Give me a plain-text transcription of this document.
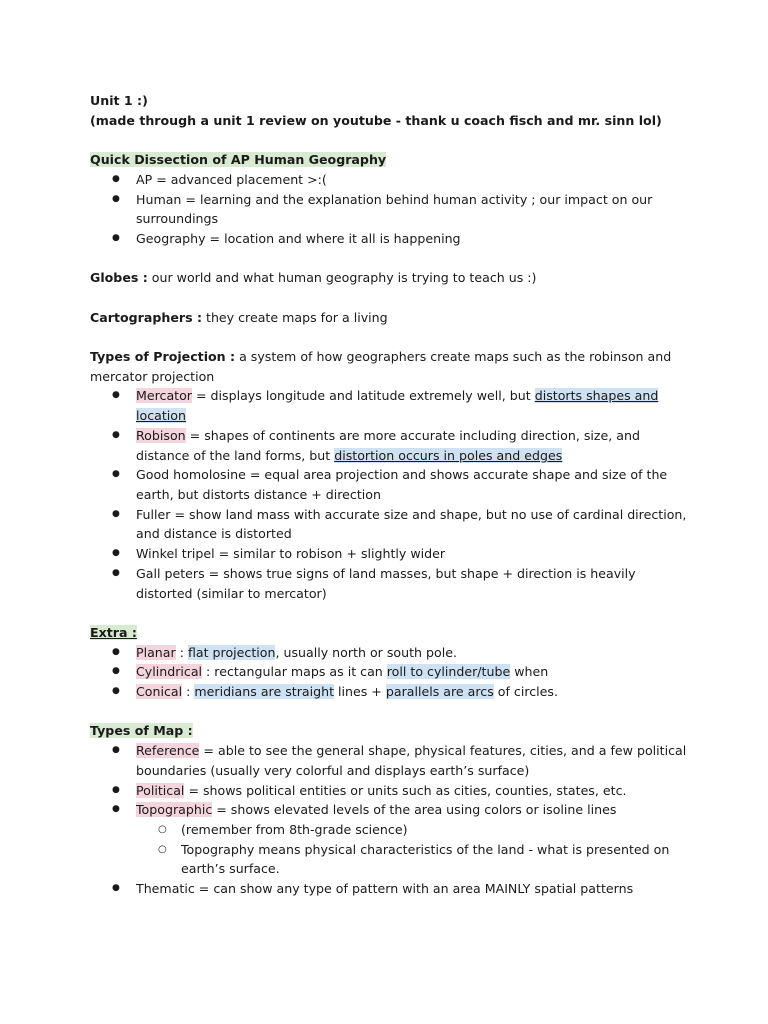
Unit 1 :)

(made through a unit 1 review on youtube - thank u coach fisch and mr. sinn lol)

Quick Dissection of AP Human Geography

● AP = advanced placement >:(
● Human = learning and the explanation behind human activity ; our impact on our surroundings
● Geography = location and where it all is happening

Globes : our world and what human geography is trying to teach us :)

Cartographers : they create maps for a living

Types of Projection : a system of how geographers create maps such as the robinson and mercator projection

● Mercator = displays longitude and latitude extremely well, but distorts shapes and location
● Robison = shapes of continents are more accurate including direction, size, and distance of the land forms, but distortion occurs in poles and edges
● Good homolosine = equal area projection and shows accurate shape and size of the earth, but distorts distance + direction
● Fuller = show land mass with accurate size and shape, but no use of cardinal direction, and distance is distorted
● Winkel tripel = similar to robison + slightly wider
● Gall peters = shows true signs of land masses, but shape + direction is heavily distorted (similar to mercator)

Extra :

● Planar : flat projection, usually north or south pole.
● Cylindrical : rectangular maps as it can roll to cylinder/tube when
● Conical : meridians are straight lines + parallels are arcs of circles.

Types of Map :

● Reference = able to see the general shape, physical features, cities, and a few political boundaries (usually very colorful and displays earth’s surface)
● Political = shows political entities or units such as cities, counties, states, etc.
● Topographic = shows elevated levels of the area using colors or isoline lines
○ (remember from 8th-grade science)
○ Topography means physical characteristics of the land - what is presented on earth’s surface.
● Thematic = can show any type of pattern with an area MAINLY spatial patterns
